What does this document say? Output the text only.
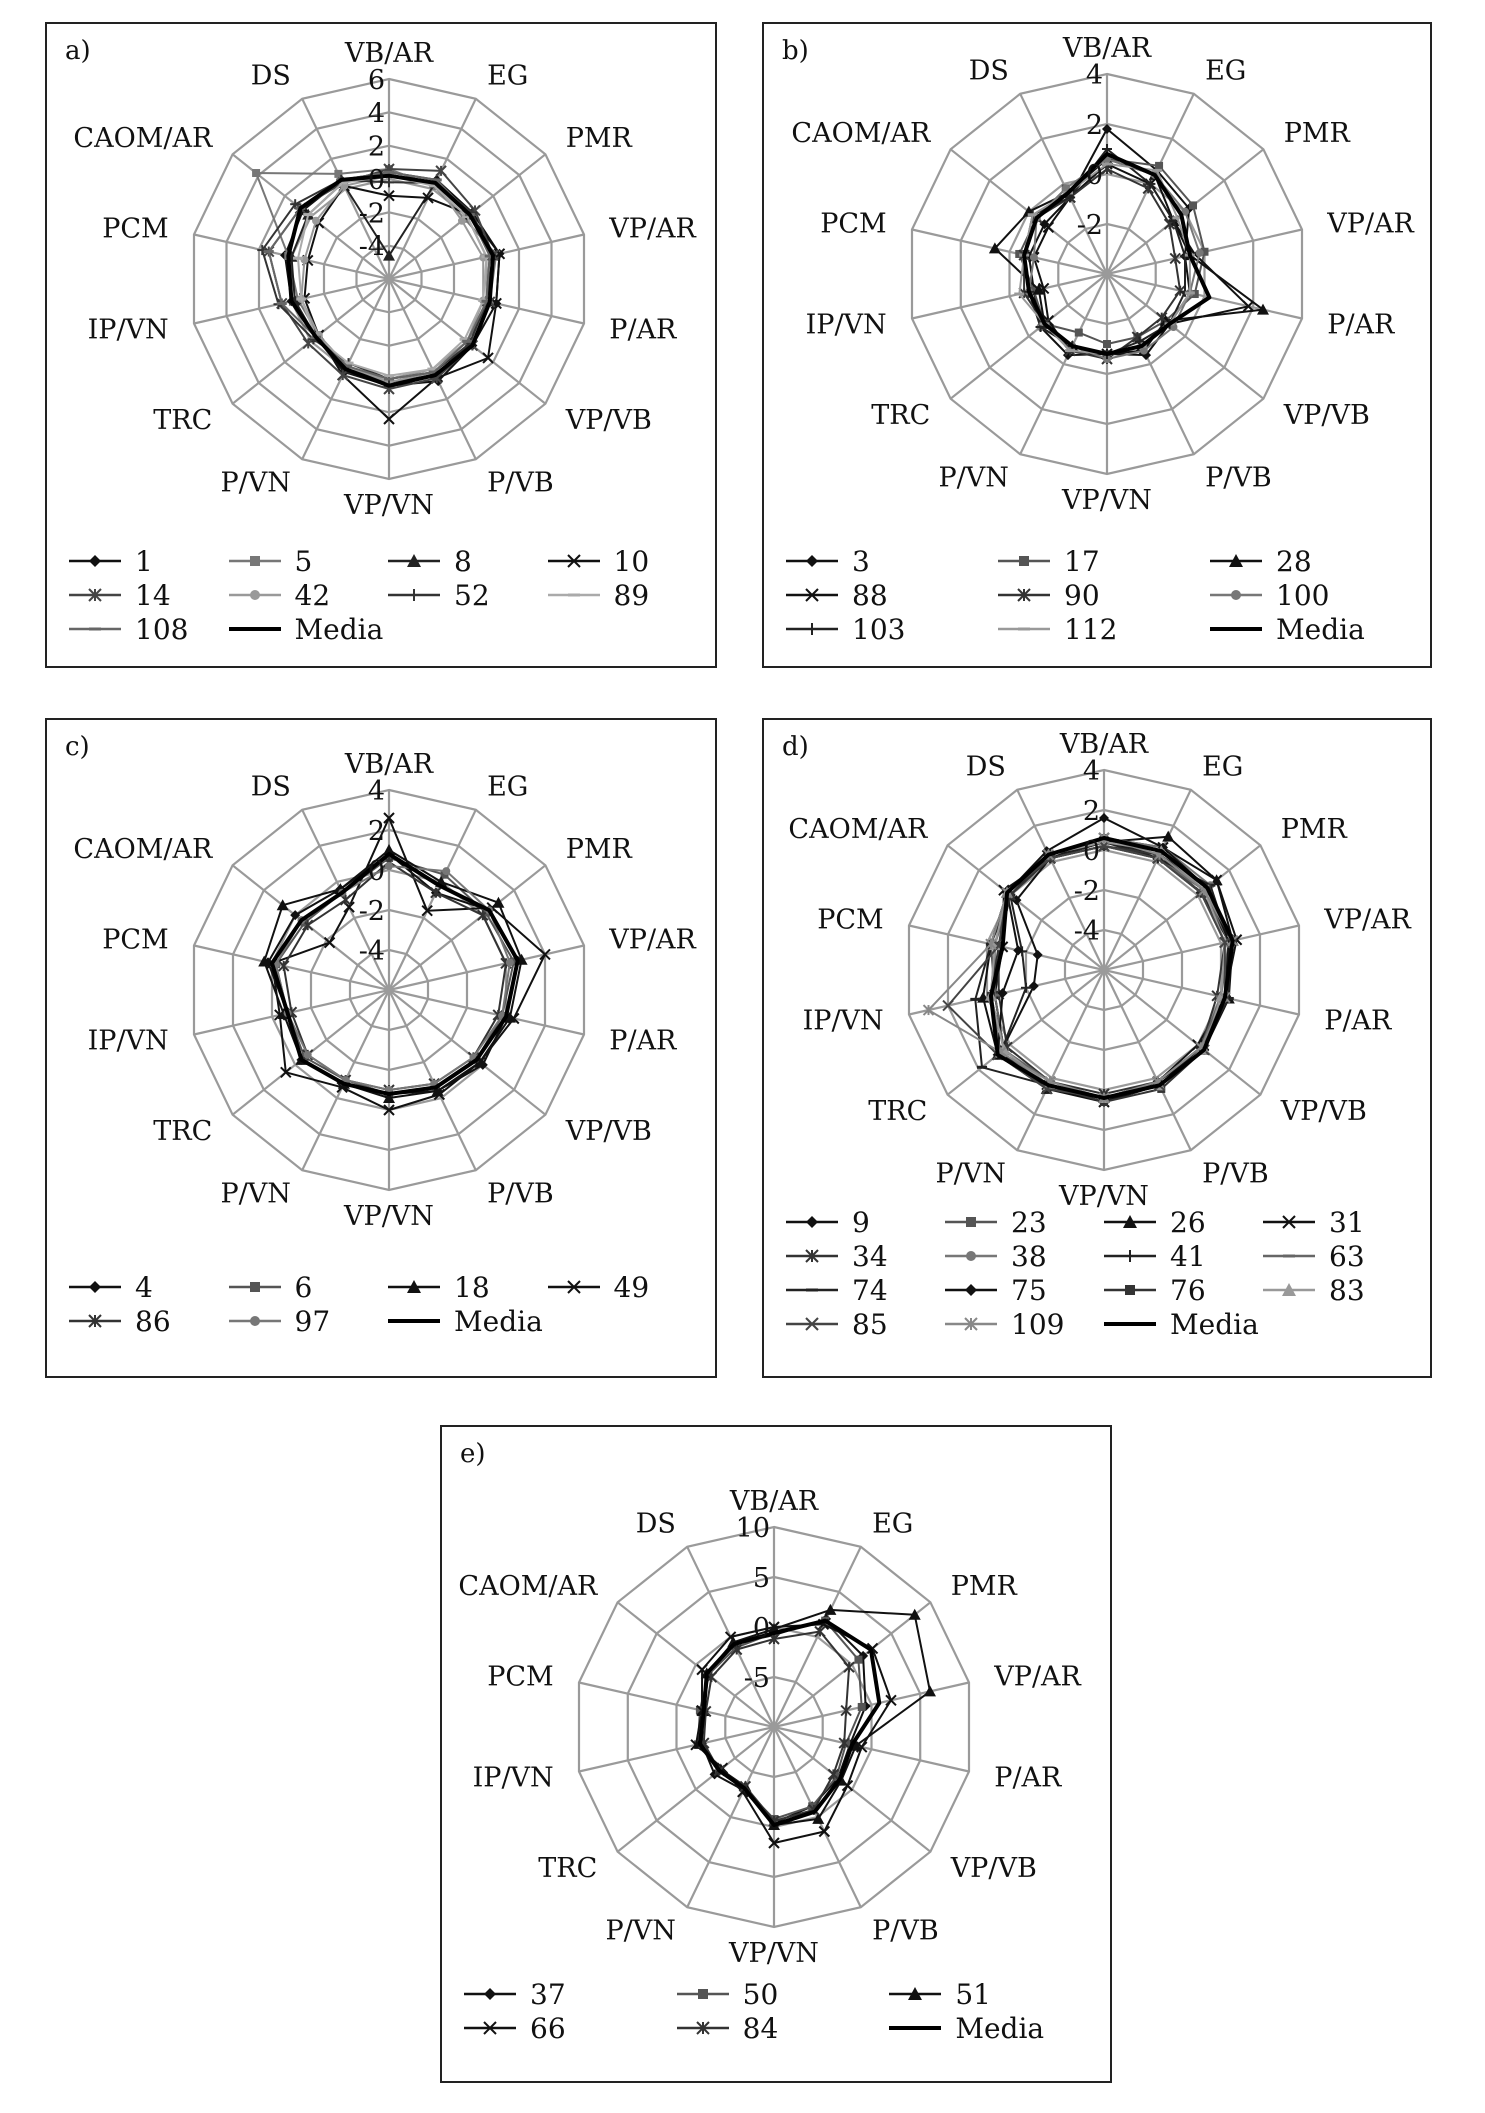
a)
6
4
2
0
-2
-4
VB/AR
EG
PMR
VP/AR
P/AR
VP/VB
P/VB
VP/VN
P/VN
TRC
IP/VN
PCM
CAOM/AR
DS
1	5	8	10
14	42	52	89
108	Media
b)
4
2
0
-2
VB/AR
EG
PMR
VP/AR
P/AR
VP/VB
P/VB
VP/VN
P/VN
TRC
IP/VN
PCM
CAOM/AR
DS
3	17	28
88	90	100
103	112	Media
c)
4
2
0
-2
-4
VB/AR
EG
PMR
VP/AR
P/AR
VP/VB
P/VB
VP/VN
P/VN
TRC
IP/VN
PCM
CAOM/AR
DS
4	6	18	49
86	97	Media
d)
4
2
0
-2
-4
VB/AR
EG
PMR
VP/AR
P/AR
VP/VB
P/VB
VP/VN
P/VN
TRC
IP/VN
PCM
CAOM/AR
DS
9	23	26	31
34	38	41	63
74	75	76	83
85	109	Media
e)
10
5
0
-5
VB/AR
EG
PMR
VP/AR
P/AR
VP/VB
P/VB
VP/VN
P/VN
TRC
IP/VN
PCM
CAOM/AR
DS
37	50	51
66	84	Media
